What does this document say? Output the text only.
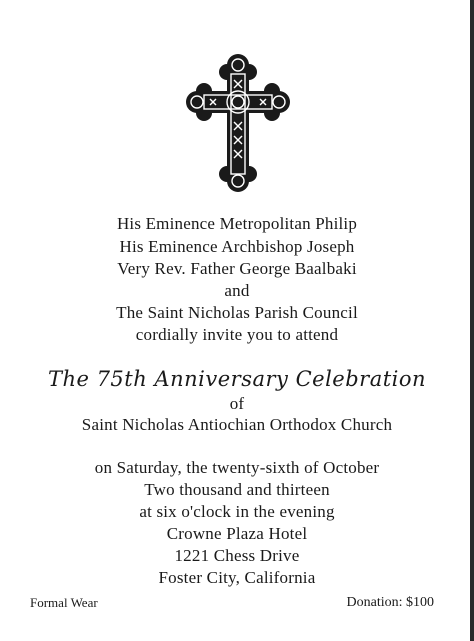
His Eminence Metropolitan Philip
His Eminence Archbishop Joseph
Very Rev. Father George Baalbaki
and
The Saint Nicholas Parish Council
cordially invite you to attend
The 75th Anniversary Celebration
of
Saint Nicholas Antiochian Orthodox Church
on Saturday, the twenty-sixth of October
Two thousand and thirteen
at six o'clock in the evening
Crowne Plaza Hotel
1221 Chess Drive
Foster City, California
Formal Wear	Donation: $100
